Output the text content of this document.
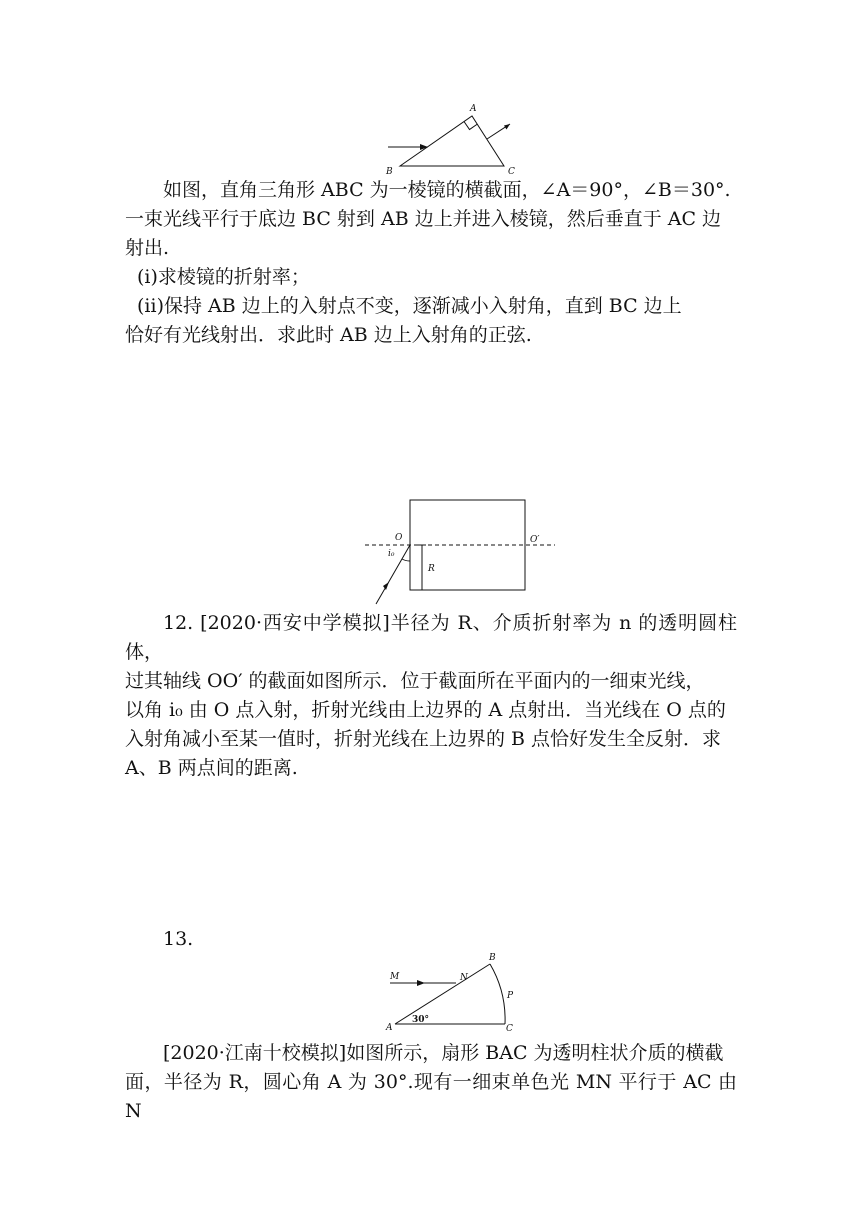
A
B	C

如图，直角三角形 ABC 为一棱镜的横截面，∠A＝90°，∠B＝30°.

一束光线平行于底边 BC 射到 AB 边上并进入棱镜，然后垂直于 AC 边

射出.

(ⅰ)求棱镜的折射率；

(ⅱ)保持 AB 边上的入射点不变，逐渐减小入射角，直到 BC 边上

恰好有光线射出．求此时 AB 边上入射角的正弦.

O	O′
i₀
R

12. [2020·西安中学模拟]半径为 R、介质折射率为 n 的透明圆柱体，

过其轴线 OO′ 的截面如图所示．位于截面所在平面内的一细束光线，

以角 i₀ 由 O 点入射，折射光线由上边界的 A 点射出．当光线在 O 点的

入射角减小至某一值时，折射光线在上边界的 B 点恰好发生全反射．求

A、B 两点间的距离.

13.

M	N
B
P
A	C
30°

[2020·江南十校模拟]如图所示，扇形 BAC 为透明柱状介质的横截

面，半径为 R，圆心角 A 为 30°.现有一细束单色光 MN 平行于 AC 由 N
